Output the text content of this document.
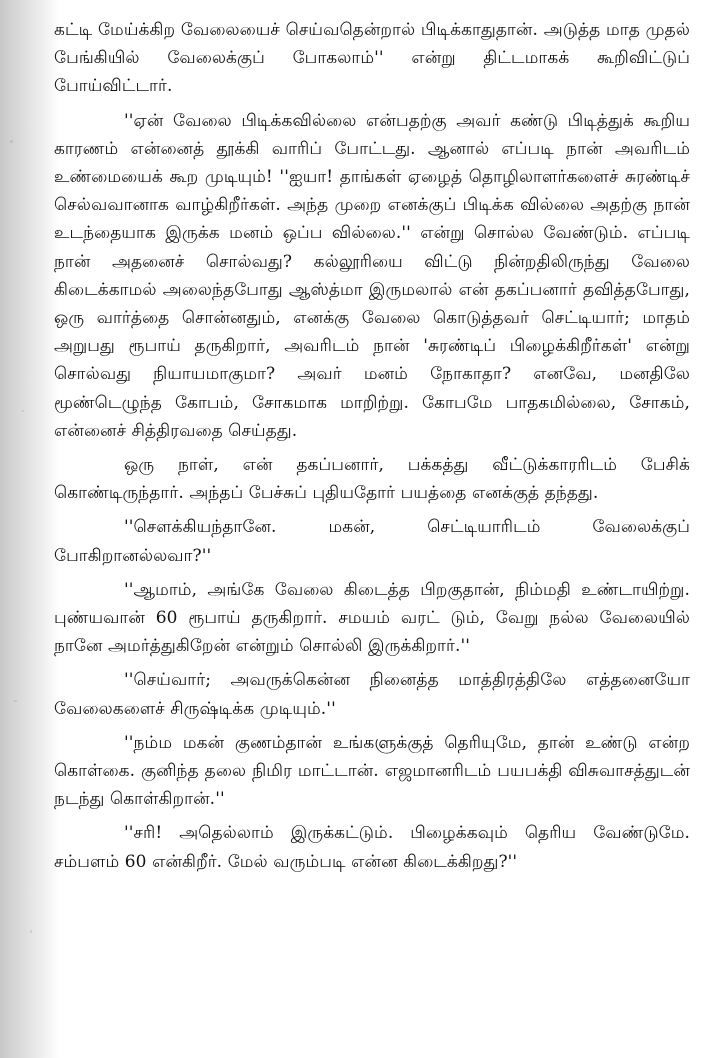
கட்டி மேய்க்கிற வேலையைச் செய்வதென்றால் பிடிக்காதுதான். அடுத்த மாத முதல் பேங்கியில் வேலைக்குப் போகலாம்'' என்று திட்டமாகக் கூறிவிட்டுப் போய்விட்டார்.

''ஏன் வேலை பிடிக்கவில்லை என்பதற்கு அவர் கண்டு பிடித்துக் கூறிய காரணம் என்னைத் தூக்கி வாரிப் போட்டது. ஆனால் எப்படி நான் அவரிடம் உண்மையைக் கூற முடியும்! ''ஐயா! தாங்கள் ஏழைத் தொழிலாளர்களைச் சுரண்டிச் செல்வவானாக வாழ்கிறீர்கள். அந்த முறை எனக்குப் பிடிக்க வில்லை அதற்கு நான் உடந்தையாக இருக்க மனம் ஒப்ப வில்லை.'' என்று சொல்ல வேண்டும். எப்படி நான் அதனைச் சொல்வது? கல்லூரியை விட்டு நின்றதிலிருந்து வேலை கிடைக்காமல் அலைந்தபோது ஆஸ்த்மா இருமலால் என் தகப்பனார் தவித்தபோது, ஒரு வார்த்தை சொன்னதும், எனக்கு வேலை கொடுத்தவர் செட்டியார்; மாதம் அறுபது ரூபாய் தருகிறார், அவரிடம் நான் 'சுரண்டிப் பிழைக்கிறீர்கள்' என்று சொல்வது நியாயமாகுமா? அவர் மனம் நோகாதா? எனவே, மனதிலே மூண்டெழுந்த கோபம், சோகமாக மாறிற்று. கோபமே பாதகமில்லை, சோகம், என்னைச் சித்திரவதை செய்தது.

ஒரு நாள், என் தகப்பனார், பக்கத்து வீட்டுக்காரரிடம் பேசிக் கொண்டிருந்தார். அந்தப் பேச்சுப் புதியதோர் பயத்தை எனக்குத் தந்தது.

''சௌக்கியந்தானே. மகன், செட்டியாரிடம் வேலைக்குப் போகிறானல்லவா?''

''ஆமாம், அங்கே வேலை கிடைத்த பிறகுதான், நிம்மதி உண்டாயிற்று. புண்யவான் 60 ரூபாய் தருகிறார். சமயம் வரட் டும், வேறு நல்ல வேலையில் நானே அமர்த்துகிறேன் என்றும் சொல்லி இருக்கிறார்.''

''செய்வார்; அவருக்கென்ன நினைத்த மாத்திரத்திலே எத்தனையோ வேலைகளைச் சிருஷ்டிக்க முடியும்.''

''நம்ம மகன் குணம்தான் உங்களுக்குத் தெரியுமே, தான் உண்டு என்ற கொள்கை. குனிந்த தலை நிமிர மாட்டான். எஜமானரிடம் பயபக்தி விசுவாசத்துடன் நடந்து கொள்கிறான்.''

''சரி! அதெல்லாம் இருக்கட்டும். பிழைக்கவும் தெரிய வேண்டுமே. சம்பளம் 60 என்கிறீர். மேல் வரும்படி என்ன கிடைக்கிறது?''
